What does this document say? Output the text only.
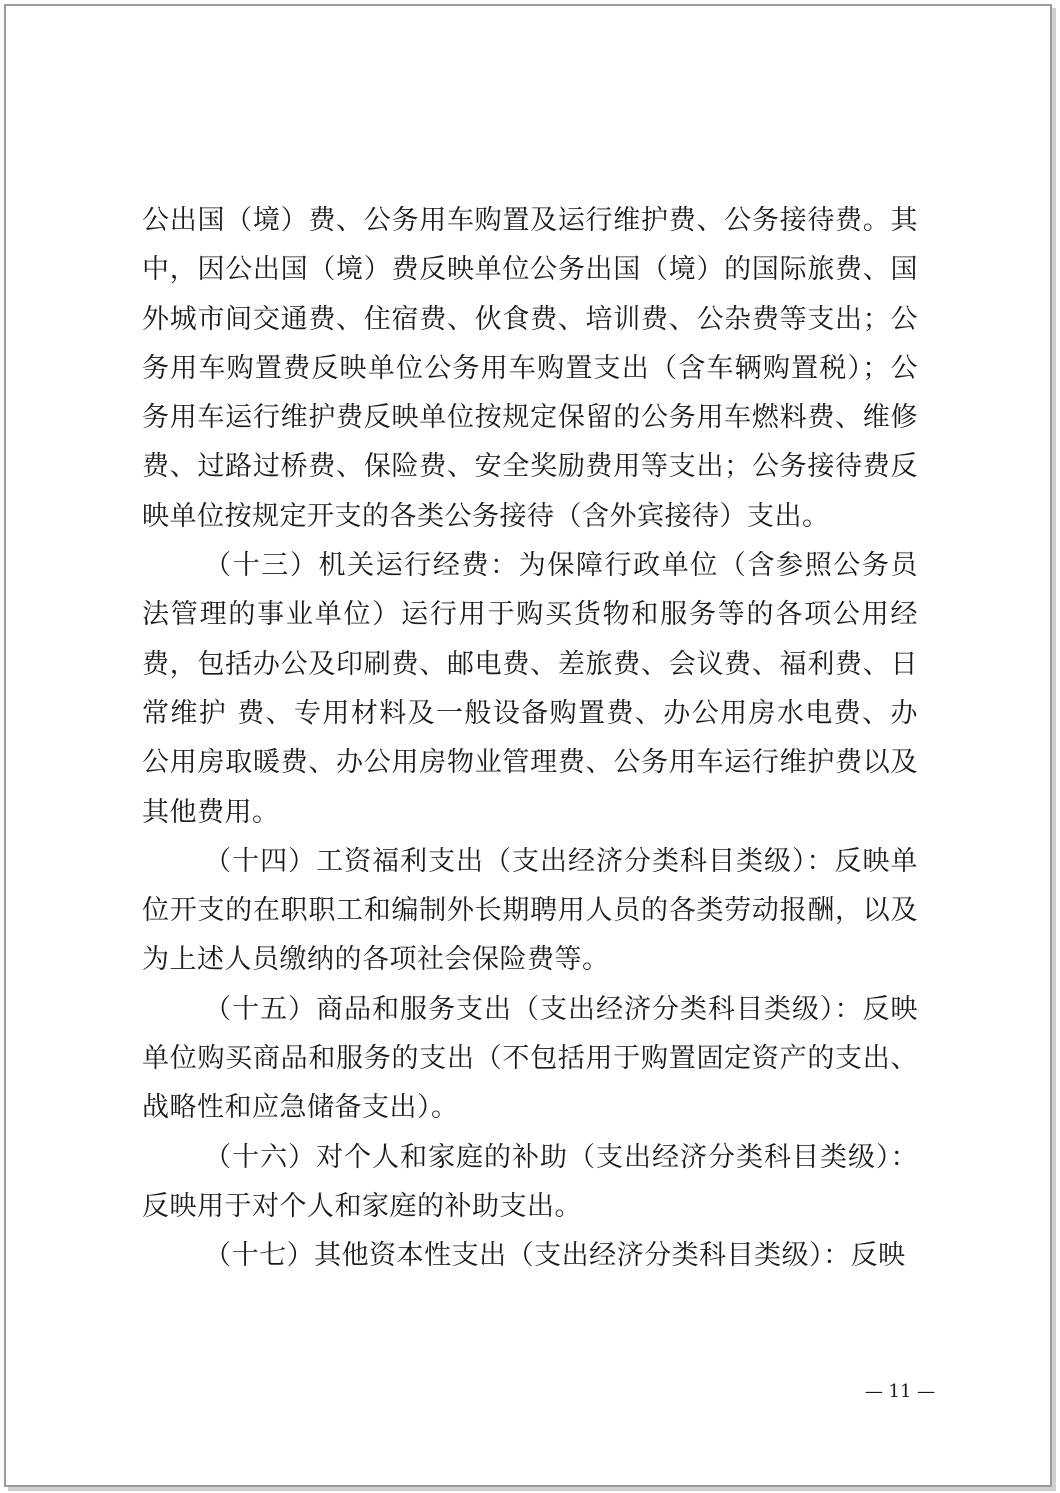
公出国（境）费、公务用车购置及运行维护费、公务接待费。其中，因公出国（境）费反映单位公务出国（境）的国际旅费、国外城市间交通费、住宿费、伙食费、培训费、公杂费等支出；公务用车购置费反映单位公务用车购置支出（含车辆购置税）；公务用车运行维护费反映单位按规定保留的公务用车燃料费、维修费、过路过桥费、保险费、安全奖励费用等支出；公务接待费反映单位按规定开支的各类公务接待（含外宾接待）支出。

（十三）机关运行经费：为保障行政单位（含参照公务员法管理的事业单位）运行用于购买货物和服务等的各项公用经费，包括办公及印刷费、邮电费、差旅费、会议费、福利费、日常维护 费、专用材料及一般设备购置费、办公用房水电费、办公用房取暖费、办公用房物业管理费、公务用车运行维护费以及其他费用。

（十四）工资福利支出（支出经济分类科目类级）：反映单位开支的在职职工和编制外长期聘用人员的各类劳动报酬，以及为上述人员缴纳的各项社会保险费等。

（十五）商品和服务支出（支出经济分类科目类级）：反映单位购买商品和服务的支出（不包括用于购置固定资产的支出、战略性和应急储备支出）。

（十六）对个人和家庭的补助（支出经济分类科目类级）：反映用于对个人和家庭的补助支出。

（十七）其他资本性支出（支出经济分类科目类级）：反映

— 11 —
